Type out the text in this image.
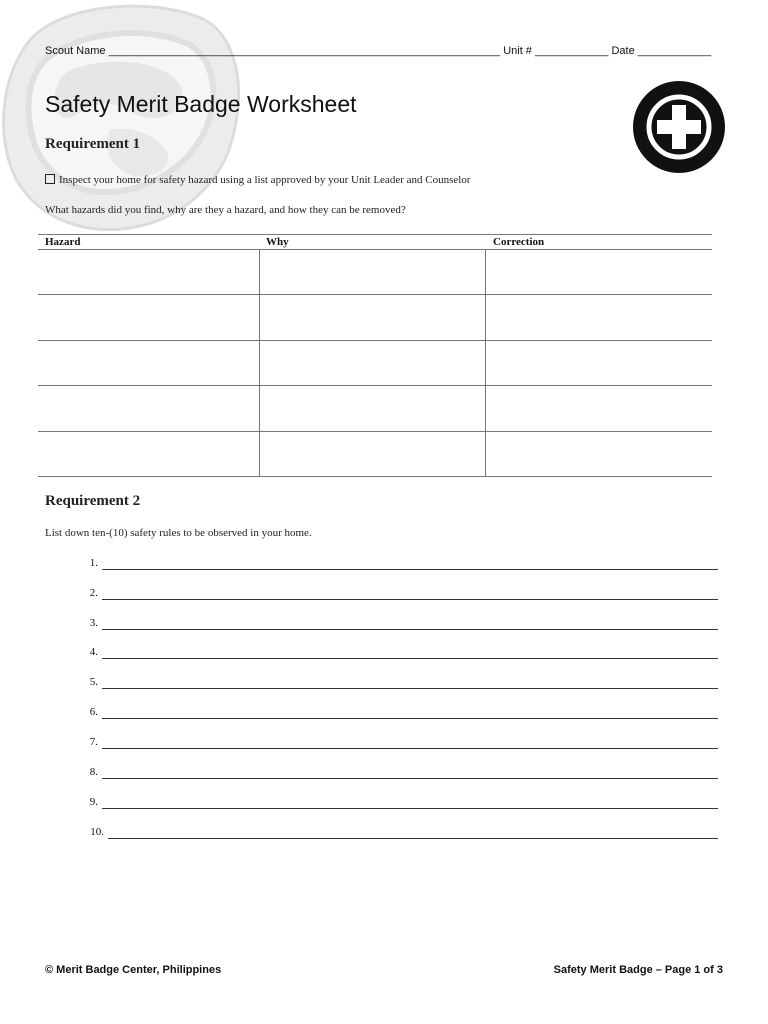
Scout Name ________________________________________________________________ Unit # ____________ Date ____________
Safety Merit Badge Worksheet
Requirement 1
Inspect your home for safety hazard using a list approved by your Unit Leader and Counselor
What hazards did you find, why are they a hazard, and how they can be removed?
Hazard	Why	Correction
Requirement 2
List down ten-(10) safety rules to be observed in your home.
1.
2.
3.
4.
5.
6.
7.
8.
9.
10.
© Merit Badge Center, Philippines	Safety Merit Badge – Page 1 of 3
